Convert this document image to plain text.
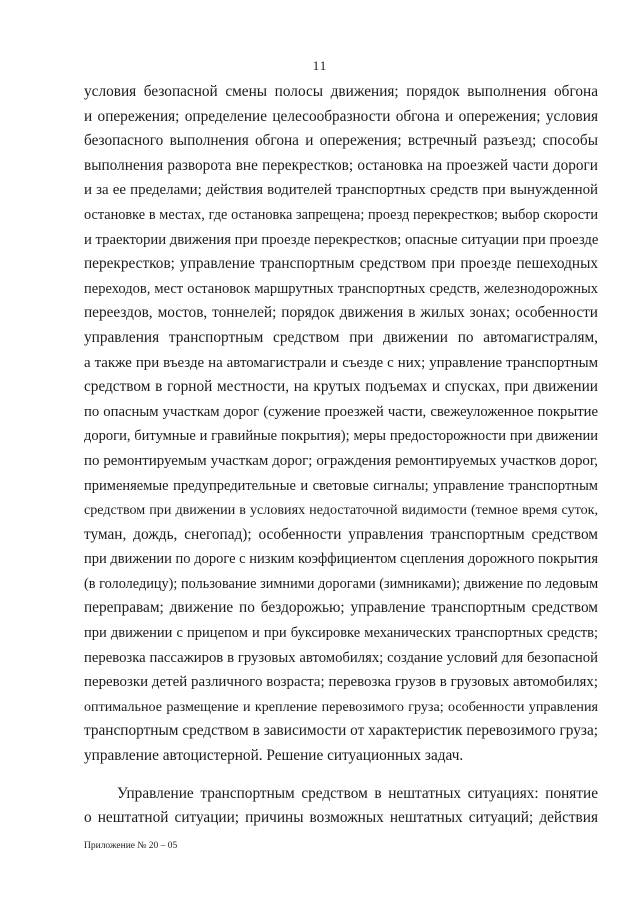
11
условия безопасной смены полосы движения; порядок выполнения обгона
и опережения; определение целесообразности обгона и опережения; условия
безопасного выполнения обгона и опережения; встречный разъезд; способы
выполнения разворота вне перекрестков; остановка на проезжей части дороги
и за ее пределами; действия водителей транспортных средств при вынужденной
остановке в местах, где остановка запрещена; проезд перекрестков; выбор скорости
и траектории движения при проезде перекрестков; опасные ситуации при проезде
перекрестков; управление транспортным средством при проезде пешеходных
переходов, мест остановок маршрутных транспортных средств, железнодорожных
переездов, мостов, тоннелей; порядок движения в жилых зонах; особенности
управления транспортным средством при движении по автомагистралям,
а также при въезде на автомагистрали и съезде с них; управление транспортным
средством в горной местности, на крутых подъемах и спусках, при движении
по опасным участкам дорог (сужение проезжей части, свежеуложенное покрытие
дороги, битумные и гравийные покрытия); меры предосторожности при движении
по ремонтируемым участкам дорог; ограждения ремонтируемых участков дорог,
применяемые предупредительные и световые сигналы; управление транспортным
средством при движении в условиях недостаточной видимости (темное время суток,
туман, дождь, снегопад); особенности управления транспортным средством
при движении по дороге с низким коэффициентом сцепления дорожного покрытия
(в гололедицу); пользование зимними дорогами (зимниками); движение по ледовым
переправам; движение по бездорожью; управление транспортным средством
при движении с прицепом и при буксировке механических транспортных средств;
перевозка пассажиров в грузовых автомобилях; создание условий для безопасной
перевозки детей различного возраста; перевозка грузов в грузовых автомобилях;
оптимальное размещение и крепление перевозимого груза; особенности управления
транспортным средством в зависимости от характеристик перевозимого груза;
управление автоцистерной. Решение ситуационных задач.
Управление транспортным средством в нештатных ситуациях: понятие
о нештатной ситуации; причины возможных нештатных ситуаций; действия
Приложение № 20 – 05
